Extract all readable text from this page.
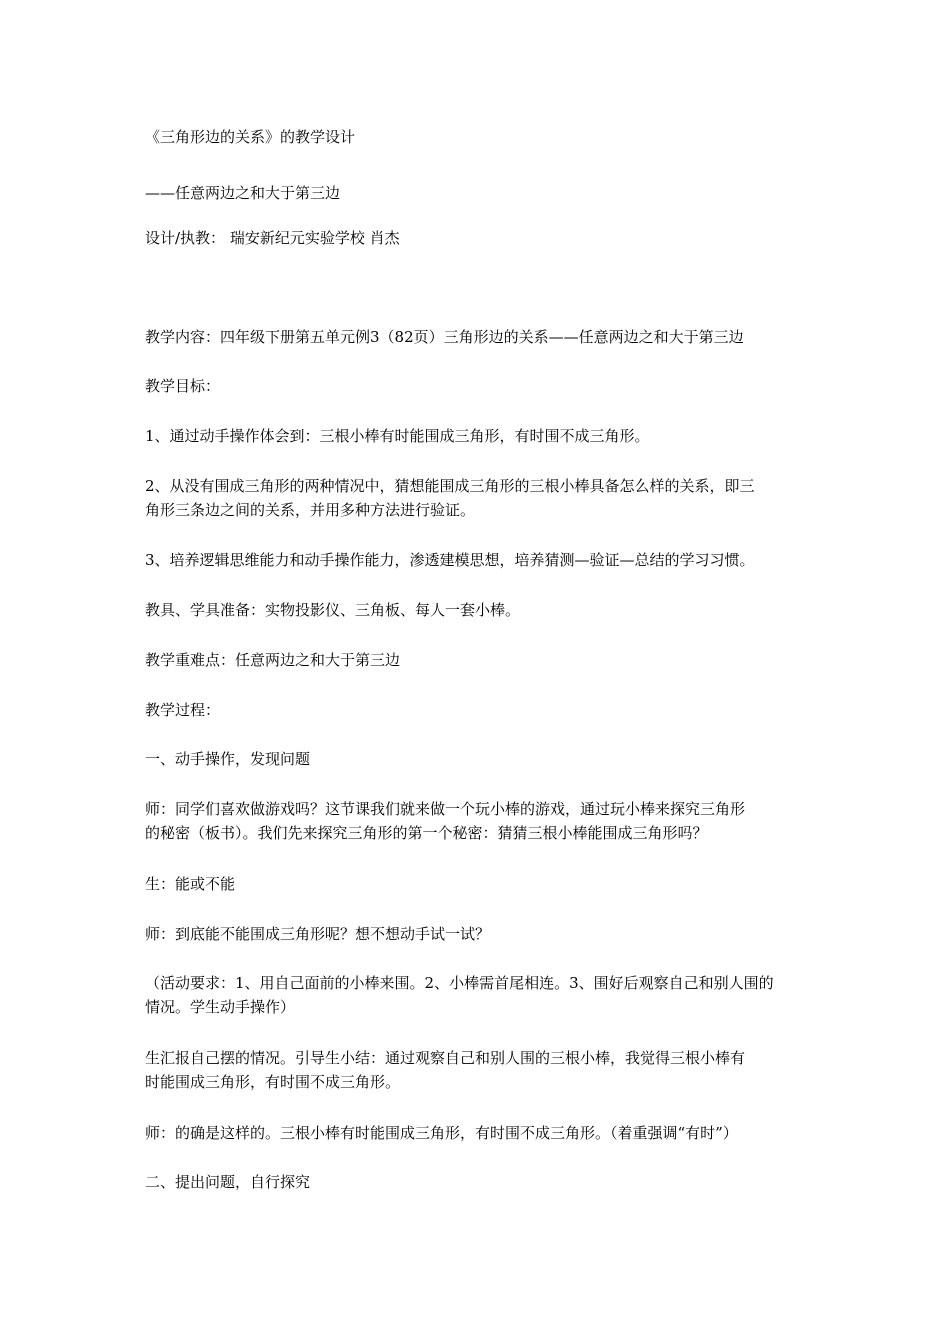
《三角形边的关系》的教学设计
——任意两边之和大于第三边
设计/执教： 瑞安新纪元实验学校 肖杰
教学内容：四年级下册第五单元例3（82页）三角形边的关系——任意两边之和大于第三边
教学目标：
1、通过动手操作体会到：三根小棒有时能围成三角形，有时围不成三角形。
2、从没有围成三角形的两种情况中，猜想能围成三角形的三根小棒具备怎么样的关系，即三
角形三条边之间的关系，并用多种方法进行验证。
3、培养逻辑思维能力和动手操作能力，渗透建模思想，培养猜测—验证—总结的学习习惯。
教具、学具准备：实物投影仪、三角板、每人一套小棒。
教学重难点：任意两边之和大于第三边
教学过程：
一、动手操作，发现问题
师：同学们喜欢做游戏吗？这节课我们就来做一个玩小棒的游戏，通过玩小棒来探究三角形
的秘密（板书）。我们先来探究三角形的第一个秘密：猜猜三根小棒能围成三角形吗？
生：能或不能
师：到底能不能围成三角形呢？想不想动手试一试？
（活动要求：1、用自己面前的小棒来围。2、小棒需首尾相连。3、围好后观察自己和别人围的
情况。学生动手操作）
生汇报自己摆的情况。引导生小结：通过观察自己和别人围的三根小棒，我觉得三根小棒有
时能围成三角形，有时围不成三角形。
师：的确是这样的。三根小棒有时能围成三角形，有时围不成三角形。（着重强调“有时”）
二、提出问题，自行探究
